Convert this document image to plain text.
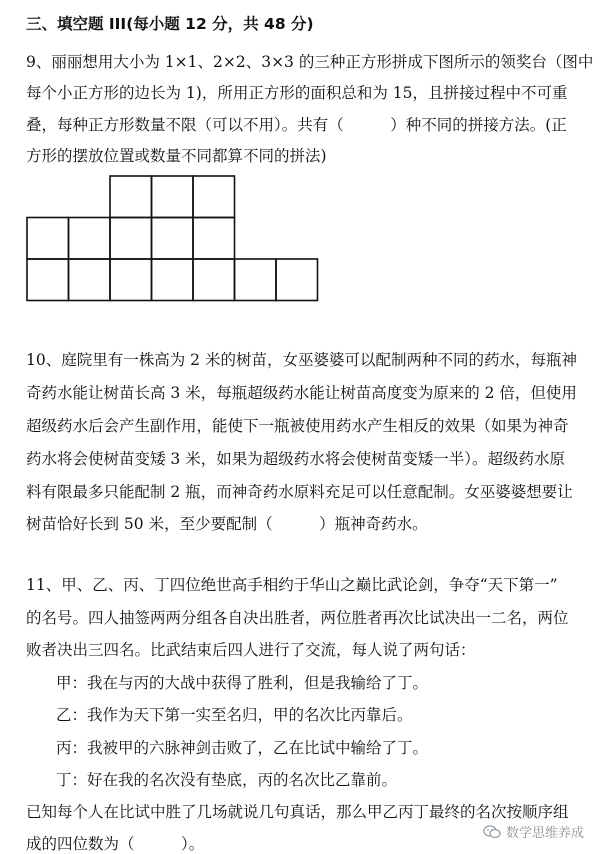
三、填空题 III(每小题 12 分，共 48 分)
9、丽丽想用大小为 1×1、2×2、3×3 的三种正方形拼成下图所示的领奖台（图中
每个小正方形的边长为 1)，所用正方形的面积总和为 15，且拼接过程中不可重
叠，每种正方形数量不限（可以不用）。共有（　　　）种不同的拼接方法。(正
方形的摆放位置或数量不同都算不同的拼法)
10、庭院里有一株高为 2 米的树苗，女巫婆婆可以配制两种不同的药水，每瓶神
奇药水能让树苗长高 3 米，每瓶超级药水能让树苗高度变为原来的 2 倍，但使用
超级药水后会产生副作用，能使下一瓶被使用药水产生相反的效果（如果为神奇
药水将会使树苗变矮 3 米，如果为超级药水将会使树苗变矮一半）。超级药水原
料有限最多只能配制 2 瓶，而神奇药水原料充足可以任意配制。女巫婆婆想要让
树苗恰好长到 50 米，至少要配制（　　　）瓶神奇药水。
11、甲、乙、丙、丁四位绝世高手相约于华山之巅比武论剑，争夺“天下第一”
的名号。四人抽签两两分组各自决出胜者，两位胜者再次比试决出一二名，两位
败者决出三四名。比武结束后四人进行了交流，每人说了两句话：
甲：我在与丙的大战中获得了胜利，但是我输给了丁。
乙：我作为天下第一实至名归，甲的名次比丙靠后。
丙：我被甲的六脉神剑击败了，乙在比试中输给了丁。
丁：好在我的名次没有垫底，丙的名次比乙靠前。
已知每个人在比试中胜了几场就说几句真话，那么甲乙丙丁最终的名次按顺序组
成的四位数为（　　　）。
数学思维养成
